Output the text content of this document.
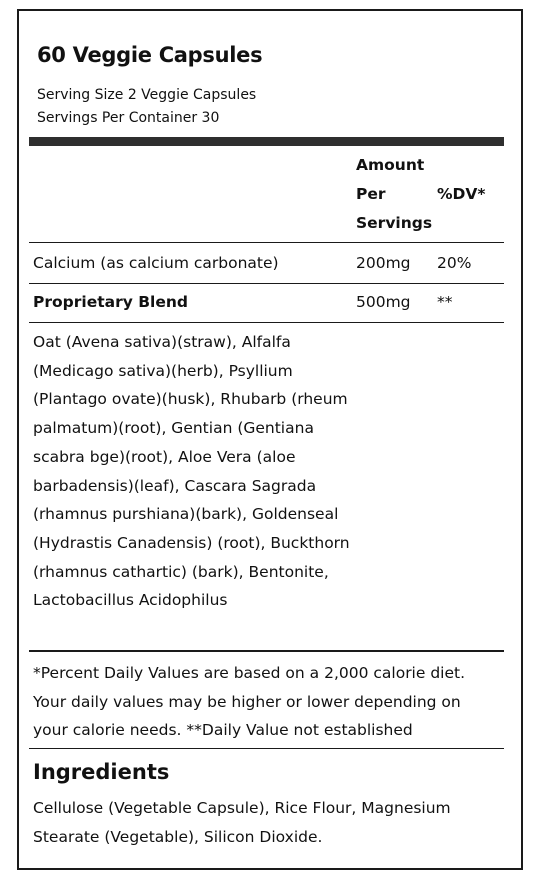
60 Veggie Capsules
Serving Size 2 Veggie Capsules
Servings Per Container 30
Amount
Per
Servings
%DV*
Calcium (as calcium carbonate)	200mg 20%
Proprietary Blend	500mg **
Oat (Avena sativa)(straw), Alfalfa (Medicago sativa)(herb), Psyllium (Plantago ovate)(husk), Rhubarb (rheum palmatum)(root), Gentian (Gentiana scabra bge)(root), Aloe Vera (aloe barbadensis)(leaf), Cascara Sagrada (rhamnus purshiana)(bark), Goldenseal (Hydrastis Canadensis) (root), Buckthorn (rhamnus cathartic) (bark), Bentonite, Lactobacillus Acidophilus
*Percent Daily Values are based on a 2,000 calorie diet. Your daily values may be higher or lower depending on your calorie needs. **Daily Value not established
Ingredients
Cellulose (Vegetable Capsule), Rice Flour, Magnesium Stearate (Vegetable), Silicon Dioxide.
